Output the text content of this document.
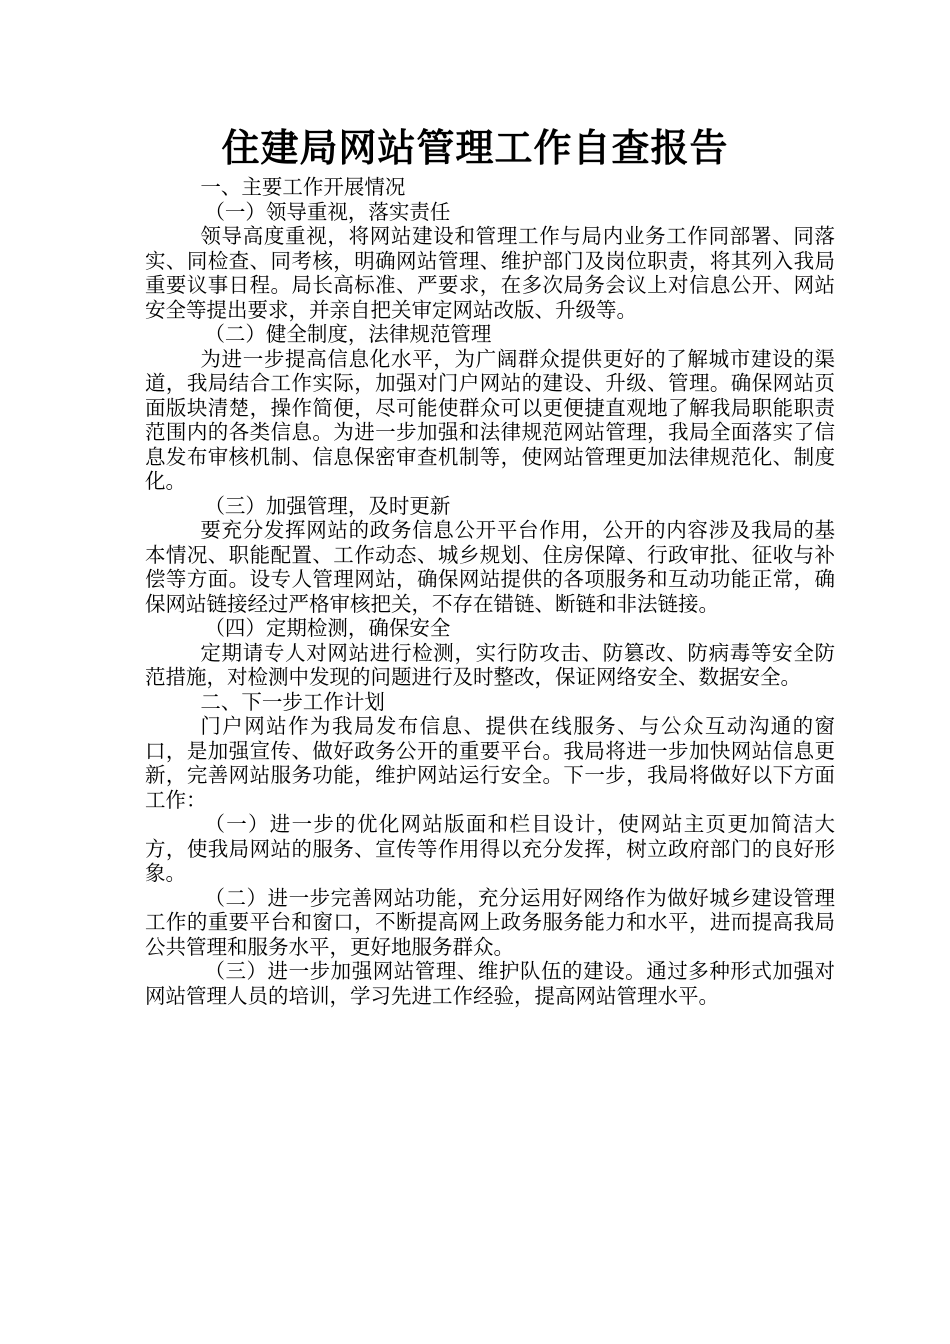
住建局网站管理工作自查报告

一、主要工作开展情况

（一）领导重视，落实责任

领导高度重视，将网站建设和管理工作与局内业务工作同部署、同落实、同检查、同考核，明确网站管理、维护部门及岗位职责，将其列入我局重要议事日程。局长高标准、严要求，在多次局务会议上对信息公开、网站安全等提出要求，并亲自把关审定网站改版、升级等。

（二）健全制度，法律规范管理

为进一步提高信息化水平，为广阔群众提供更好的了解城市建设的渠道，我局结合工作实际，加强对门户网站的建设、升级、管理。确保网站页面版块清楚，操作简便，尽可能使群众可以更便捷直观地了解我局职能职责范围内的各类信息。为进一步加强和法律规范网站管理，我局全面落实了信息发布审核机制、信息保密审查机制等，使网站管理更加法律规范化、制度化。

（三）加强管理，及时更新

要充分发挥网站的政务信息公开平台作用，公开的内容涉及我局的基本情况、职能配置、工作动态、城乡规划、住房保障、行政审批、征收与补偿等方面。设专人管理网站，确保网站提供的各项服务和互动功能正常，确保网站链接经过严格审核把关，不存在错链、断链和非法链接。

（四）定期检测，确保安全

定期请专人对网站进行检测，实行防攻击、防篡改、防病毒等安全防范措施，对检测中发现的问题进行及时整改，保证网络安全、数据安全。

二、下一步工作计划

门户网站作为我局发布信息、提供在线服务、与公众互动沟通的窗口，是加强宣传、做好政务公开的重要平台。我局将进一步加快网站信息更新，完善网站服务功能，维护网站运行安全。下一步，我局将做好以下方面工作：

（一）进一步的优化网站版面和栏目设计，使网站主页更加简洁大方，使我局网站的服务、宣传等作用得以充分发挥，树立政府部门的良好形象。

（二）进一步完善网站功能，充分运用好网络作为做好城乡建设管理工作的重要平台和窗口，不断提高网上政务服务能力和水平，进而提高我局公共管理和服务水平，更好地服务群众。

（三）进一步加强网站管理、维护队伍的建设。通过多种形式加强对网站管理人员的培训，学习先进工作经验，提高网站管理水平。
